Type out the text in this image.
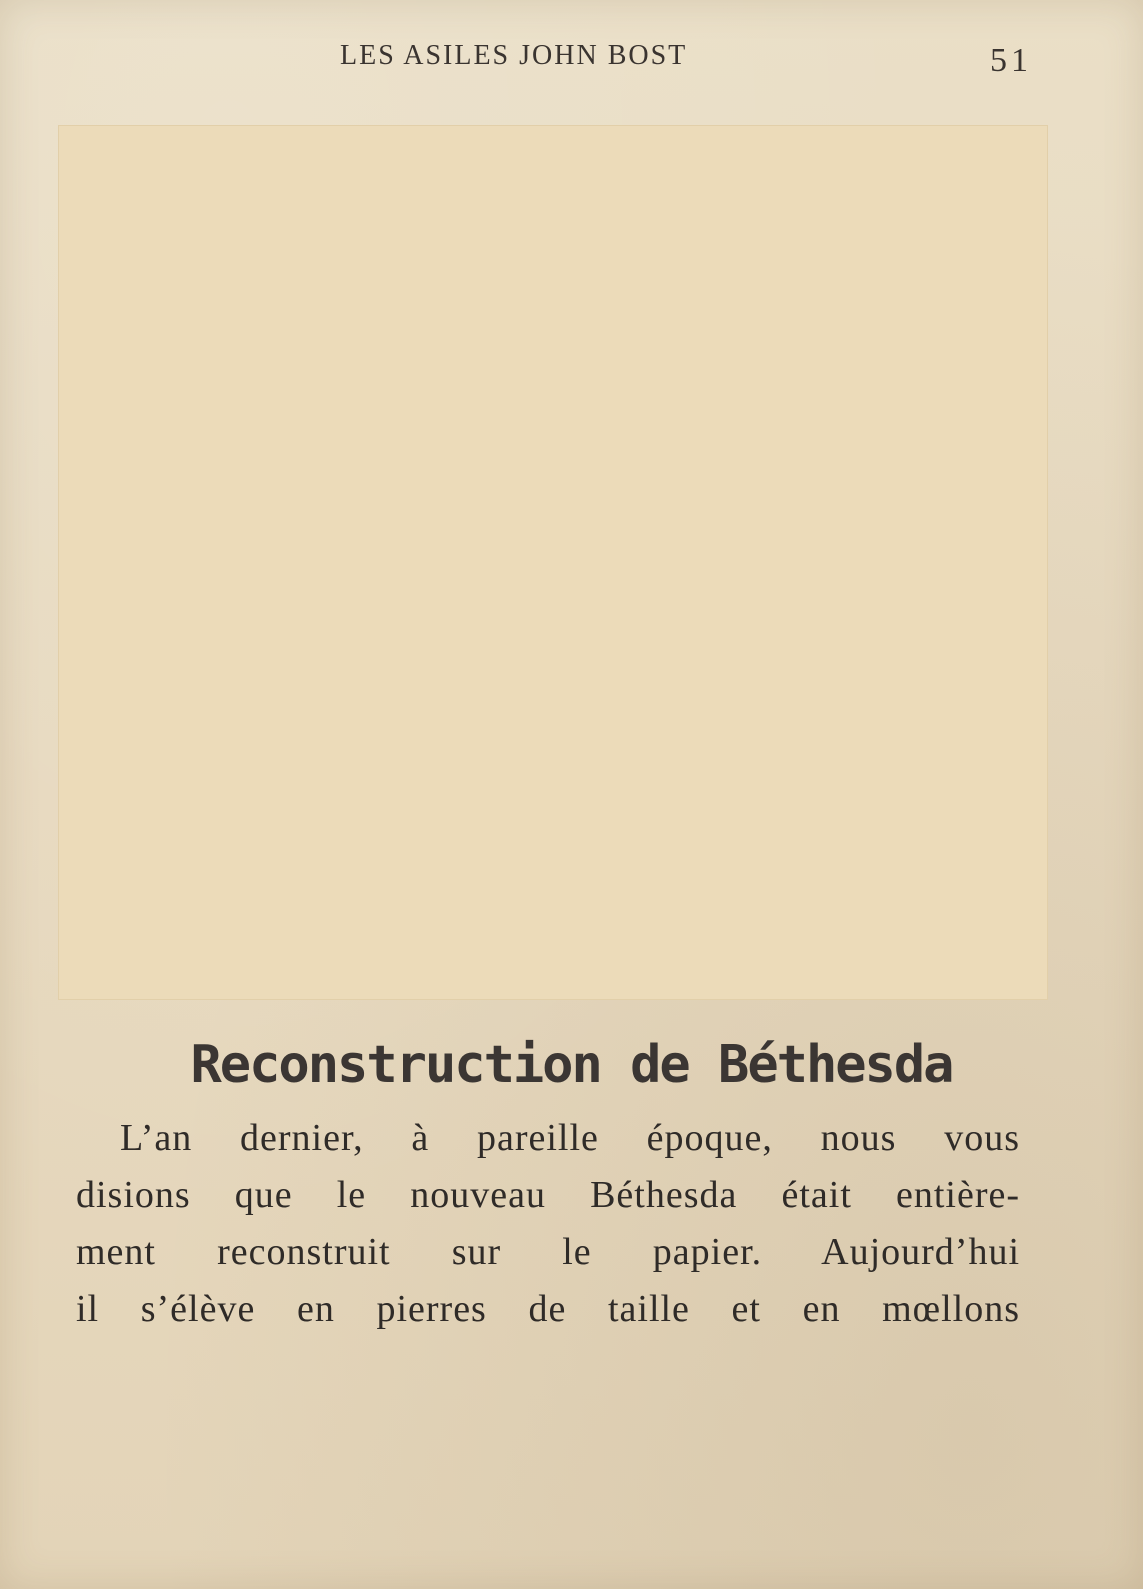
LES ASILES JOHN BOST	51
Reconstruction de Béthesda
L’an dernier, à pareille époque, nous vous
disions que le nouveau Béthesda était entière-
ment reconstruit sur le papier. Aujourd’hui
il s’élève en pierres de taille et en mœllons
